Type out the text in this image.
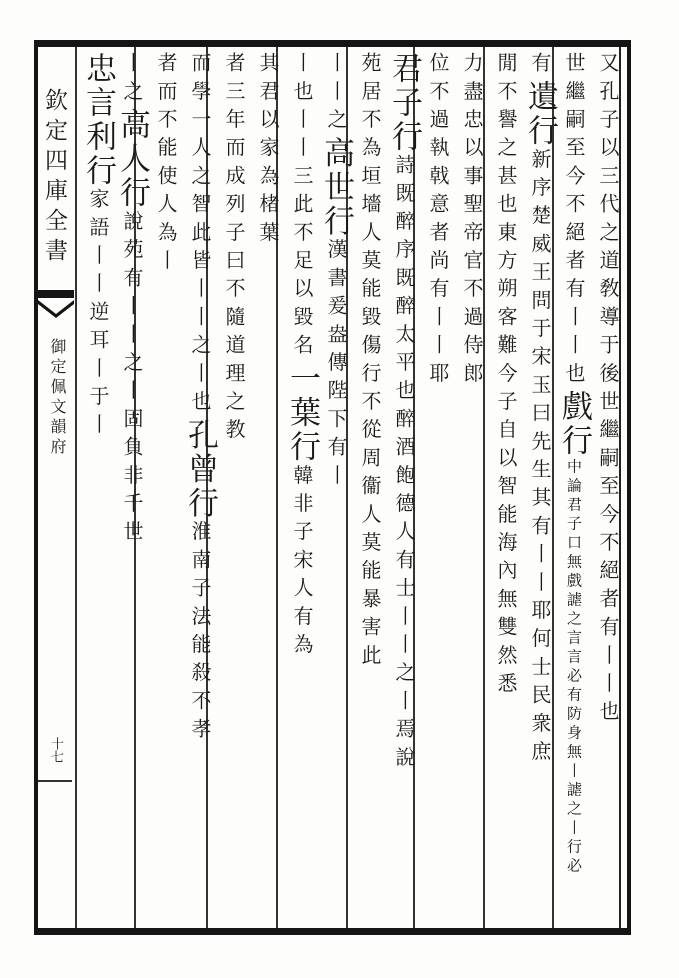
欽定四庫全書
御定佩文韻府
十七
又孔子以三代之道敎導于後世繼嗣至今不絕者有丨丨也
世繼嗣至今不絕者有丨丨也戲行中論君子口無戲謔之言言必有防身無丨謔之丨行必
有遺行新序楚威王問于宋玉曰先生其有丨丨耶何士民衆庶
閒不譽之甚也東方朔客難今子自以智能海內無雙然悉
力盡忠以事聖帝官不過侍郎
位不過執戟意者尚有丨丨耶
君子行詩既醉序既醉太平也醉酒飽德人有士丨丨之丨焉說
苑居不為垣墻人莫能毀傷行不從周衞人莫能暴害此
丨丨之高世行漢書爰盎傳陛下有丨
丨也丨丨三此不足以毀名一葉行韓非子宋人有為
其君以家為楮葉
者三年而成列子曰不隨道理之教
而學一人之智此皆丨丨之丨也孔曾行淮南子法能殺不孝
者而不能使人為丨
丨之高人行說苑有丨丨之丨固負非千世
忠言利行家語丨丨逆耳丨于丨
